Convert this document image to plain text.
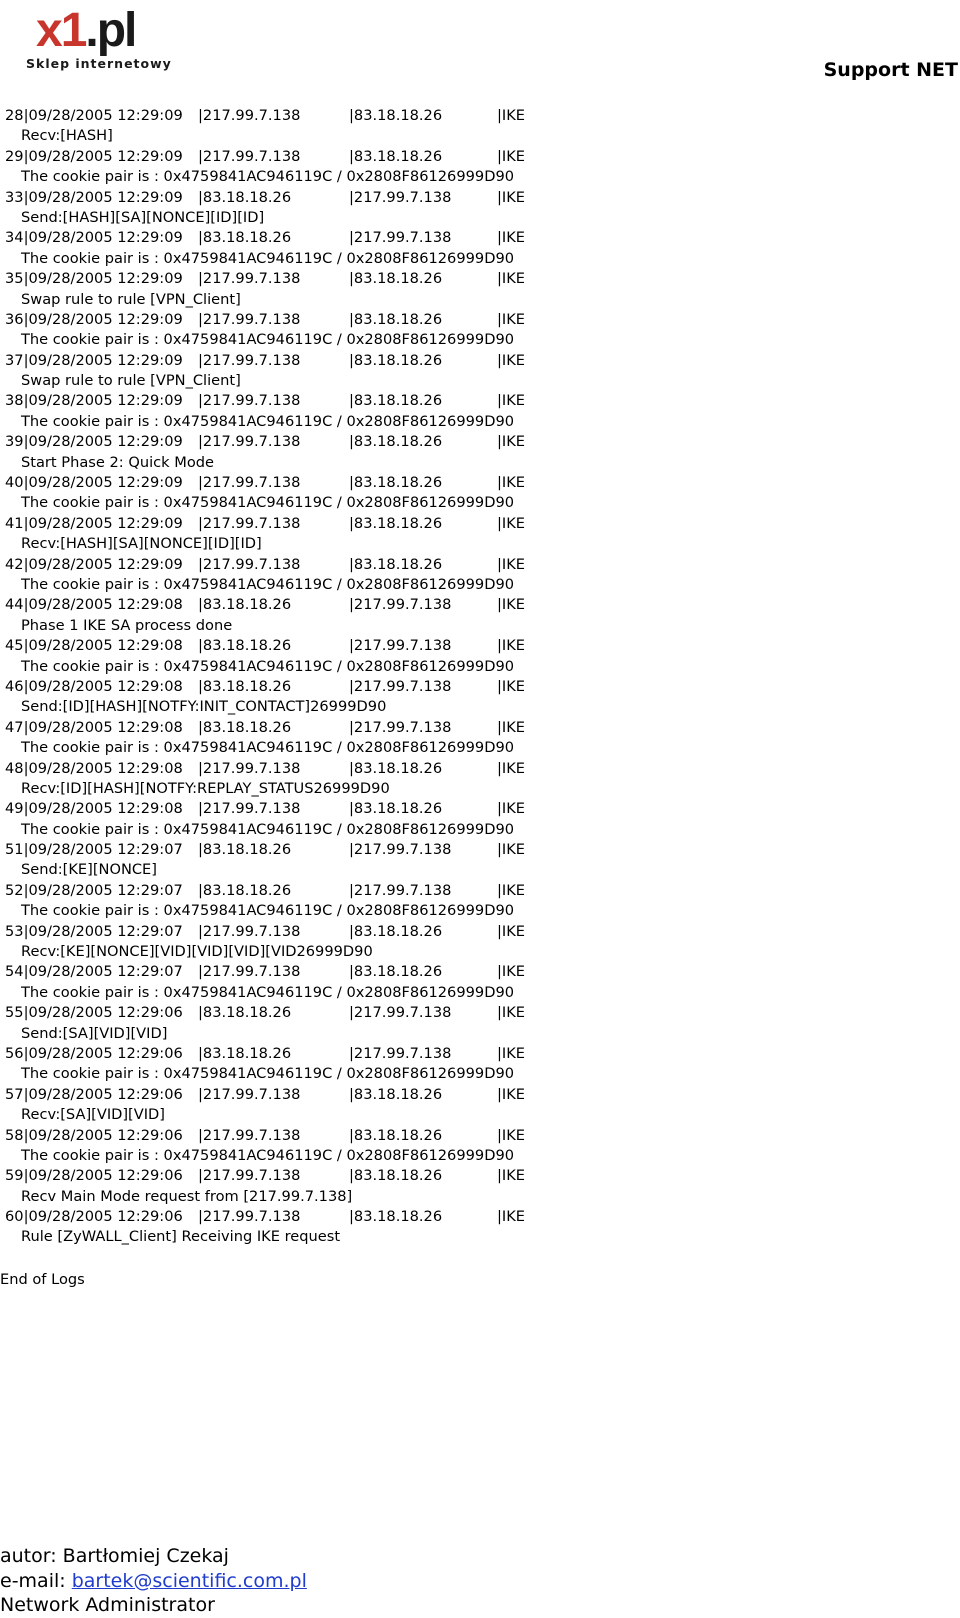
x1.pl
Sklep internetowy	Support NET
28|09/28/2005 12:29:09 |217.99.7.138	|83.18.18.26	|IKE
Recv:[HASH]
29|09/28/2005 12:29:09 |217.99.7.138	|83.18.18.26	|IKE
The cookie pair is : 0x4759841AC946119C / 0x2808F86126999D90
33|09/28/2005 12:29:09 |83.18.18.26	|217.99.7.138	|IKE
Send:[HASH][SA][NONCE][ID][ID]
34|09/28/2005 12:29:09 |83.18.18.26	|217.99.7.138	|IKE
The cookie pair is : 0x4759841AC946119C / 0x2808F86126999D90
35|09/28/2005 12:29:09 |217.99.7.138	|83.18.18.26	|IKE
Swap rule to rule [VPN_Client]
36|09/28/2005 12:29:09 |217.99.7.138	|83.18.18.26	|IKE
The cookie pair is : 0x4759841AC946119C / 0x2808F86126999D90
37|09/28/2005 12:29:09 |217.99.7.138	|83.18.18.26	|IKE
Swap rule to rule [VPN_Client]
38|09/28/2005 12:29:09 |217.99.7.138	|83.18.18.26	|IKE
The cookie pair is : 0x4759841AC946119C / 0x2808F86126999D90
39|09/28/2005 12:29:09 |217.99.7.138	|83.18.18.26	|IKE
Start Phase 2: Quick Mode
40|09/28/2005 12:29:09 |217.99.7.138	|83.18.18.26	|IKE
The cookie pair is : 0x4759841AC946119C / 0x2808F86126999D90
41|09/28/2005 12:29:09 |217.99.7.138	|83.18.18.26	|IKE
Recv:[HASH][SA][NONCE][ID][ID]
42|09/28/2005 12:29:09 |217.99.7.138	|83.18.18.26	|IKE
The cookie pair is : 0x4759841AC946119C / 0x2808F86126999D90
44|09/28/2005 12:29:08 |83.18.18.26	|217.99.7.138	|IKE
Phase 1 IKE SA process done
45|09/28/2005 12:29:08 |83.18.18.26	|217.99.7.138	|IKE
The cookie pair is : 0x4759841AC946119C / 0x2808F86126999D90
46|09/28/2005 12:29:08 |83.18.18.26	|217.99.7.138	|IKE
Send:[ID][HASH][NOTFY:INIT_CONTACT]26999D90
47|09/28/2005 12:29:08 |83.18.18.26	|217.99.7.138	|IKE
The cookie pair is : 0x4759841AC946119C / 0x2808F86126999D90
48|09/28/2005 12:29:08 |217.99.7.138	|83.18.18.26	|IKE
Recv:[ID][HASH][NOTFY:REPLAY_STATUS26999D90
49|09/28/2005 12:29:08 |217.99.7.138	|83.18.18.26	|IKE
The cookie pair is : 0x4759841AC946119C / 0x2808F86126999D90
51|09/28/2005 12:29:07 |83.18.18.26	|217.99.7.138	|IKE
Send:[KE][NONCE]
52|09/28/2005 12:29:07 |83.18.18.26	|217.99.7.138	|IKE
The cookie pair is : 0x4759841AC946119C / 0x2808F86126999D90
53|09/28/2005 12:29:07 |217.99.7.138	|83.18.18.26	|IKE
Recv:[KE][NONCE][VID][VID][VID][VID26999D90
54|09/28/2005 12:29:07 |217.99.7.138	|83.18.18.26	|IKE
The cookie pair is : 0x4759841AC946119C / 0x2808F86126999D90
55|09/28/2005 12:29:06 |83.18.18.26	|217.99.7.138	|IKE
Send:[SA][VID][VID]
56|09/28/2005 12:29:06 |83.18.18.26	|217.99.7.138	|IKE
The cookie pair is : 0x4759841AC946119C / 0x2808F86126999D90
57|09/28/2005 12:29:06 |217.99.7.138	|83.18.18.26	|IKE
Recv:[SA][VID][VID]
58|09/28/2005 12:29:06 |217.99.7.138	|83.18.18.26	|IKE
The cookie pair is : 0x4759841AC946119C / 0x2808F86126999D90
59|09/28/2005 12:29:06 |217.99.7.138	|83.18.18.26	|IKE
Recv Main Mode request from [217.99.7.138]
60|09/28/2005 12:29:06 |217.99.7.138	|83.18.18.26	|IKE
Rule [ZyWALL_Client] Receiving IKE request
End of Logs
autor: Bartłomiej Czekaj
e-mail: bartek@scientific.com.pl
Network Administrator
